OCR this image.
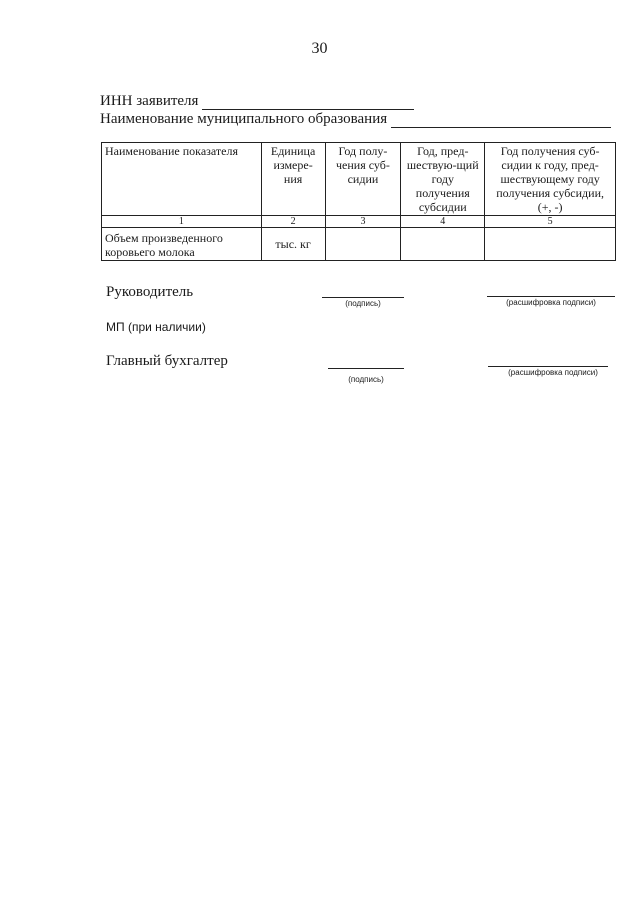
30
ИНН заявителя
Наименование муниципального образования
Наименование показателя	Единица измере-ния	Год полу-чения суб-сидии	Год, пред-шествую-щий году получения субсидии	Год получения суб-сидии к году, пред-шествующему году получения субсидии, (+, -)
1	2	3	4	5
Объем произведенного коровьего молока	тыс. кг			
Руководитель
(подпись)	(расшифровка подписи)
МП (при наличии)
Главный бухгалтер
(подпись)
(расшифровка подписи)
